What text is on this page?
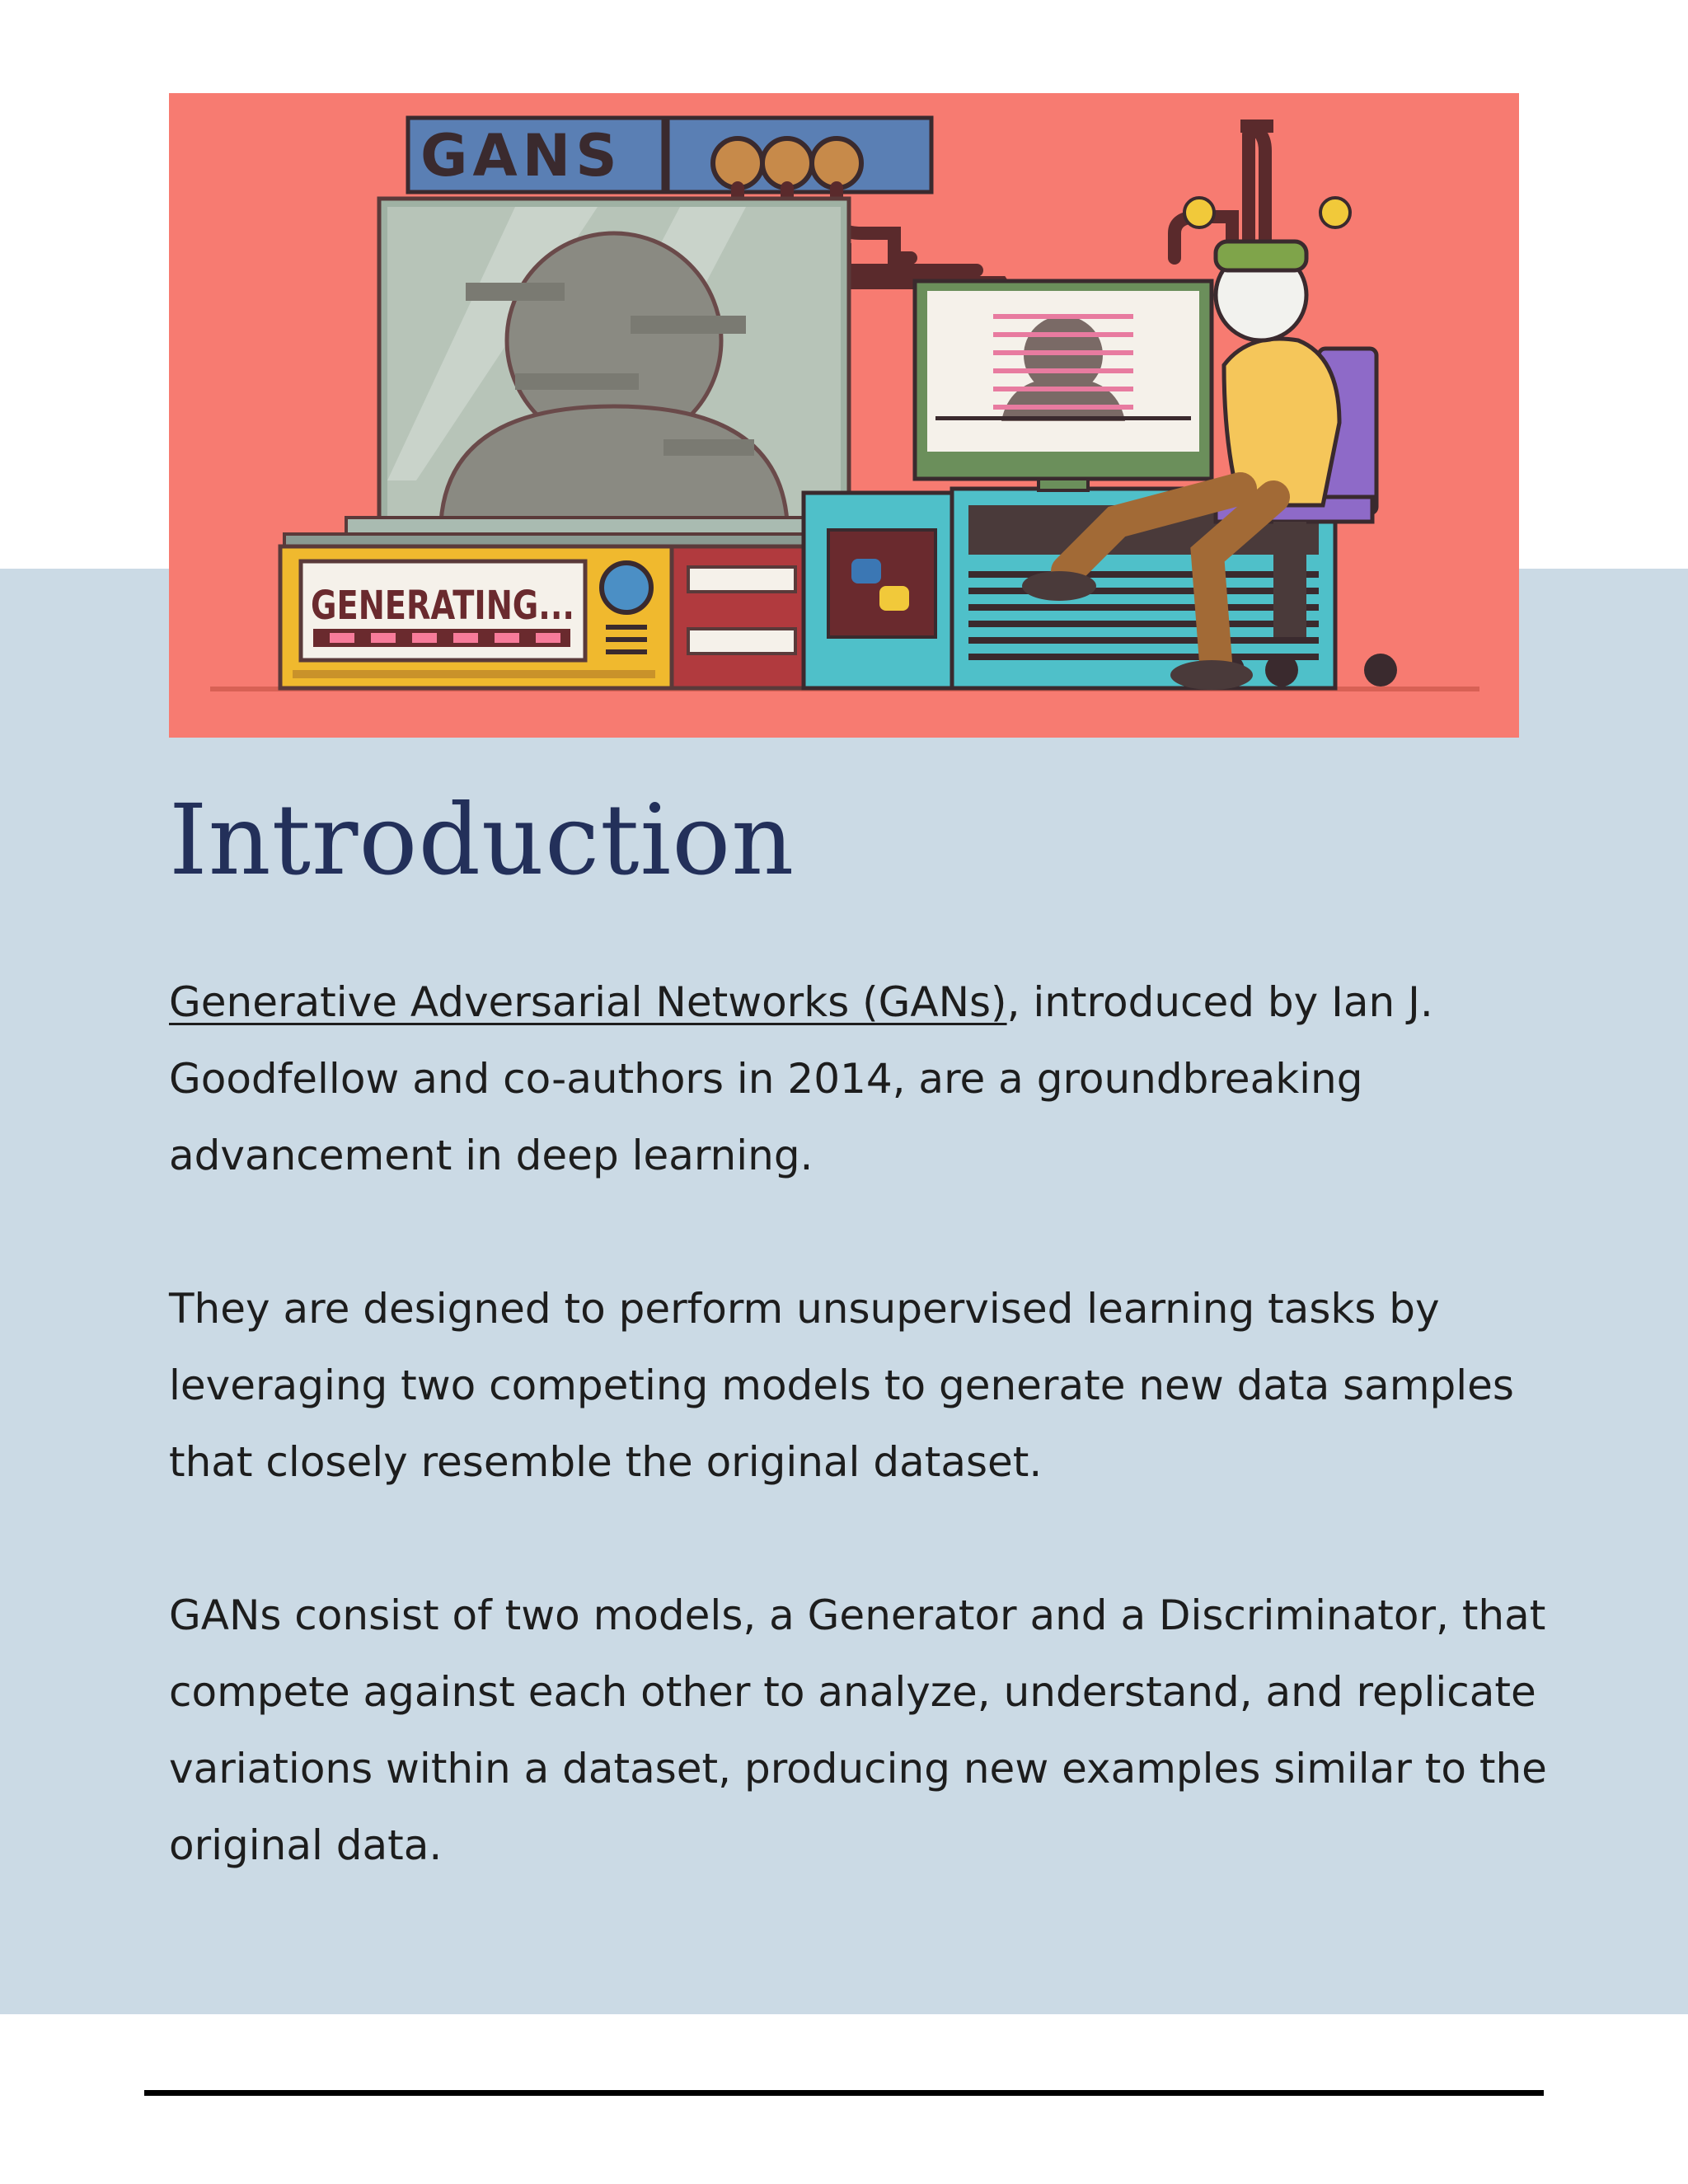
GANS
GENERATING...
Introduction

Generative Adversarial Networks (GANs), introduced by Ian J. Goodfellow and co-authors in 2014, are a groundbreaking advancement in deep learning.

They are designed to perform unsupervised learning tasks by leveraging two competing models to generate new data samples that closely resemble the original dataset.

GANs consist of two models, a Generator and a Discriminator, that compete against each other to analyze, understand, and replicate variations within a dataset, producing new examples similar to the original data.
